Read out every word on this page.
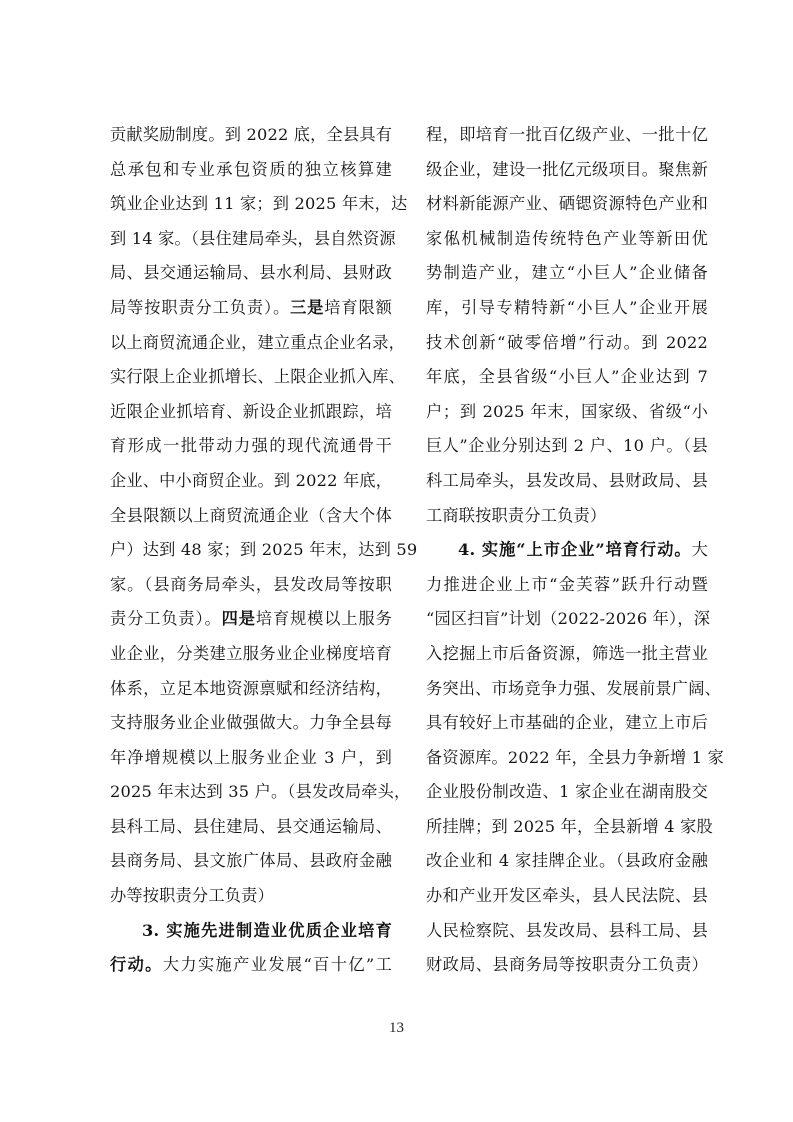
贡献奖励制度。到 2022 底，全县具有
总承包和专业承包资质的独立核算建
筑业企业达到 11 家；到 2025 年末，达
到 14 家。（县住建局牵头，县自然资源
局、县交通运输局、县水利局、县财政
局等按职责分工负责）。三是培育限额
以上商贸流通企业，建立重点企业名录，
实行限上企业抓增长、上限企业抓入库、
近限企业抓培育、新设企业抓跟踪，培
育形成一批带动力强的现代流通骨干
企业、中小商贸企业。到 2022 年底，
全县限额以上商贸流通企业（含大个体
户）达到 48 家；到 2025 年末，达到 59
家。（县商务局牵头，县发改局等按职
责分工负责）。四是培育规模以上服务
业企业，分类建立服务业企业梯度培育
体系，立足本地资源禀赋和经济结构，
支持服务业企业做强做大。力争全县每
年净增规模以上服务业企业 3 户，到
2025 年末达到 35 户。（县发改局牵头，
县科工局、县住建局、县交通运输局、
县商务局、县文旅广体局、县政府金融
办等按职责分工负责）
3. 实施先进制造业优质企业培育
行动。大力实施产业发展“百十亿”工
程，即培育一批百亿级产业、一批十亿
级企业，建设一批亿元级项目。聚焦新
材料新能源产业、硒锶资源特色产业和
家俬机械制造传统特色产业等新田优
势制造产业，建立“小巨人”企业储备
库，引导专精特新“小巨人”企业开展
技术创新“破零倍增”行动。到 2022
年底，全县省级“小巨人”企业达到 7
户；到 2025 年末，国家级、省级“小
巨人”企业分别达到 2 户、10 户。（县
科工局牵头，县发改局、县财政局、县
工商联按职责分工负责）
4. 实施“上市企业”培育行动。大
力推进企业上市“金芙蓉”跃升行动暨
“园区扫盲”计划（2022-2026 年），深
入挖掘上市后备资源，筛选一批主营业
务突出、市场竞争力强、发展前景广阔、
具有较好上市基础的企业，建立上市后
备资源库。2022 年，全县力争新增 1 家
企业股份制改造、1 家企业在湖南股交
所挂牌；到 2025 年，全县新增 4 家股
改企业和 4 家挂牌企业。（县政府金融
办和产业开发区牵头，县人民法院、县
人民检察院、县发改局、县科工局、县
财政局、县商务局等按职责分工负责）
13
